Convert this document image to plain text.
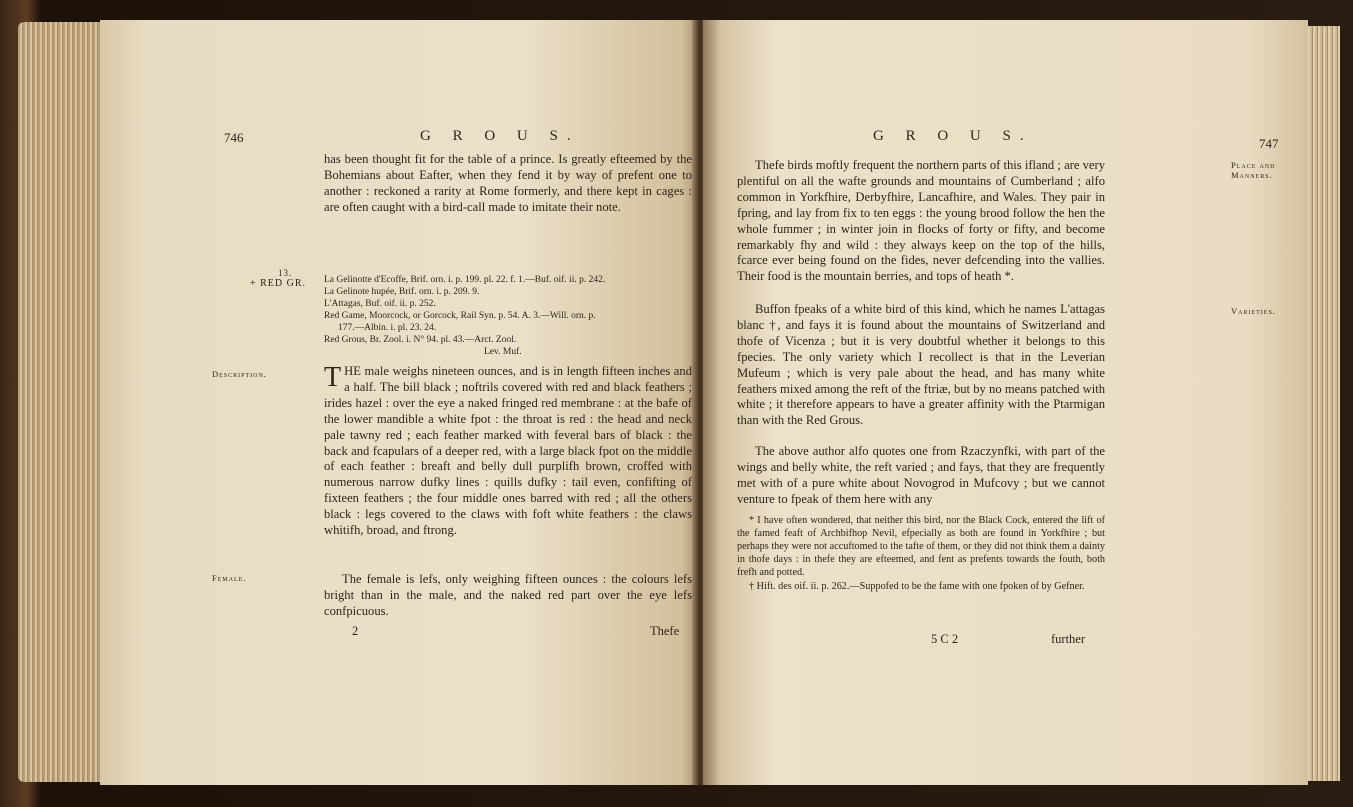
746	G R O U S.

has been thought fit for the table of a prince. Is greatly efteemed by the Bohemians about Eafter, when they fend it by way of prefent one to another : reckoned a rarity at Rome formerly, and there kept in cages : are often caught with a bird-call made to imitate their note.

13.
+ RED GR. La Gelinotte d'Ecoffe, Brif. orn. i. p. 199. pl. 22. f. 1.—Buf. oif. ii. p. 242.
La Gelinote hupée, Brif. orn. i. p. 209. 9.
L'Attagas, Buf. oif. ii. p. 252.
Red Game, Moorcock, or Gorcock, Rail Syn. p. 54. A. 3.—Will. orn. p.
177.—Albin. i. pl. 23. 24.
Red Grous, Br. Zool. i. N° 94. pl. 43.—Arct. Zool.
Lev. Muf.
Description. THE male weighs nineteen ounces, and is in length fifteen inches and a half. The bill black ; noftrils covered with red and black feathers ; irides hazel : over the eye a naked fringed red membrane : at the bafe of the lower mandible a white fpot : the throat is red : the head and neck pale tawny red ; each feather marked with feveral bars of black : the back and fcapulars of a deeper red, with a large black fpot on the middle of each feather : breaft and belly dull purplifh brown, croffed with numerous narrow dufky lines : quills dufky : tail even, confifting of fixteen feathers ; the four middle ones barred with red ; all the others black : legs covered to the claws with foft white feathers : the claws whitifh, broad, and ftrong.
Female.	The female is lefs, only weighing fifteen ounces : the colours lefs bright than in the male, and the naked red part over the eye lefs confpicuous.

2	Thefe
G R O U S.	747
Place and Manners.

Thefe birds moftly frequent the northern parts of this ifland ; are very plentiful on all the wafte grounds and mountains of Cumberland ; alfo common in Yorkfhire, Derbyfhire, Lancafhire, and Wales. They pair in fpring, and lay from fix to ten eggs : the young brood follow the hen the whole fummer ; in winter join in flocks of forty or fifty, and become remarkably fhy and wild : they always keep on the top of the hills, fcarce ever being found on the fides, never defcending into the vallies. Their food is the mountain berries, and tops of heath *.

Varieties.

Buffon fpeaks of a white bird of this kind, which he names L'attagas blanc †, and fays it is found about the mountains of Switzerland and thofe of Vicenza ; but it is very doubtful whether it belongs to this fpecies. The only variety which I recollect is that in the Leverian Mufeum ; which is very pale about the head, and has many white feathers mixed among the reft of the ftriæ, but by no means patched with white ; it therefore appears to have a greater affinity with the Ptarmigan than with the Red Grous.

The above author alfo quotes one from Rzaczynfki, with part of the wings and belly white, the reft varied ; and fays, that they are frequently met with of a pure white about Novogrod in Mufcovy ; but we cannot venture to fpeak of them here with any

* I have often wondered, that neither this bird, nor the Black Cock, entered the lift of the famed feaft of Archbifhop Nevil, efpecially as both are found in Yorkfhire ; but perhaps they were not accuftomed to the tafte of them, or they did not think them a dainty in thofe days : in thefe they are efteemed, and fent as prefents towards the fouth, both frefh and potted.

† Hift. des oif. ii. p. 262.—Suppofed to be the fame with one fpoken of by Gefner.

5 C 2	further
